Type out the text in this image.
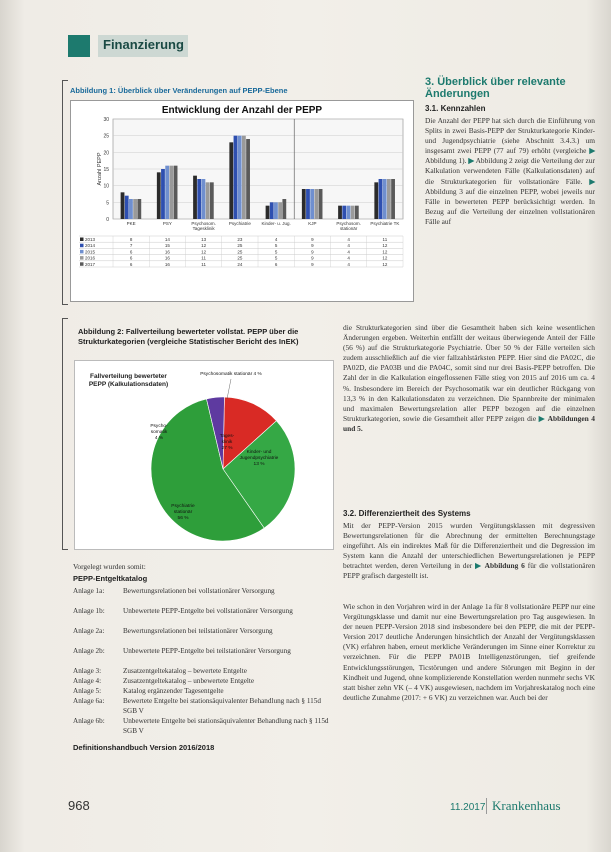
Finanzierung
Abbildung 1: Überblick über Veränderungen auf PEPP-Ebene
Entwicklung der Anzahl der PEPP
0
5
10
15
20
25
30
Anzahl PEPP
PKE	PSY	Psychosom.
Tagesklinik
Psychiatrie Kinder- u. Jug.	KJP	Psychosom.
stationär
Psychiatrie TK
2013	8	14	13	23	4	9	4	11
2014	7	15	12	25	5	9	4	12
2015	6	16	12	25	5	9	4	12
2016	6	16	11	25	5	9	4	12
2017	6	16	11	24	6	9	4	12
Abbildung 2: Fallverteilung bewerteter vollstat. PEPP über die Strukturkategorien (vergleiche Statistischer Bericht des InEK)
Fallverteilung bewerteter PEPP (Kalkulationsdaten)
Psychiatrie
stationär
56 %
Kinder- und
Jugendpsychiatrie
13 %
Psycho-
somatik
4 %	Tages-
klinik
27 %
Psychosomatik stationär 4 %
3. Überblick über relevante Änderungen
3.1. Kennzahlen
Die Anzahl der PEPP hat sich durch die Einführung von Splits in zwei Basis-PEPP der Strukturkategorie Kinder- und Jugendpsychiatrie (siehe Abschnitt 3.4.3.) um insgesamt zwei PEPP (77 auf 79) erhöht (vergleiche ▶ Abbildung 1). ▶ Abbildung 2 zeigt die Verteilung der zur Kalkulation verwendeten Fälle (Kalkulationsdaten) auf die Strukturkategorien für vollstationäre Fälle. ▶ Abbildung 3 auf die einzelnen PEPP, wobei jeweils nur Fälle in bewerteten PEPP berücksichtigt werden. In Bezug auf die Verteilung der einzelnen vollstationären Fälle auf
die Strukturkategorien sind über die Gesamtheit haben sich keine wesentlichen Änderungen ergeben. Weiterhin entfällt der weitaus überwiegende Anteil der Fälle (56 %) auf die Strukturkategorie Psychiatrie. Über 50 % der Fälle verteilen sich zudem ausschließlich auf die vier fallzahlstärksten PEPP. Hier sind die PA02C, die PA02D, die PA03B und die PA04C, somit sind nur drei Basis-PEPP betroffen. Die Zahl der in die Kalkulation eingeflossenen Fälle stieg von 2015 auf 2016 um ca. 4 %. Insbesondere im Bereich der Psychosomatik war ein deutlicher Rückgang von 13,3 % in den Kalkulationsdaten zu verzeichnen. Die Spannbreite der minimalen und maximalen Bewertungsrelation aller PEPP bezogen auf die einzelnen Strukturkategorien, sowie die Gesamtheit aller PEPP zeigen die ▶ Abbildungen 4 und 5.
3.2. Differenziertheit des Systems
Mit der PEPP-Version 2015 wurden Vergütungsklassen mit degressiven Bewertungsrelationen für die Abrechnung der ermittelten Berechnungstage eingeführt. Als ein indirektes Maß für die Differenziertheit und die Degression im System kann die Anzahl der unterschiedlichen Bewertungsrelationen je PEPP betrachtet werden, deren Verteilung in der ▶ Abbildung 6 für die vollstationären PEPP grafisch dargestellt ist.
Wie schon in den Vorjahren wird in der Anlage 1a für 8 vollstationäre PEPP nur eine Vergütungsklasse und damit nur eine Bewertungsrelation pro Tag ausgewiesen. In der neuen PEPP-Version 2018 sind insbesondere bei den PEPP, die mit der PEPP-Version 2017 deutliche Änderungen hinsichtlich der Anzahl der Vergütungsklassen (VK) erfahren haben, erneut merkliche Veränderungen im Sinne einer Korrektur zu verzeichnen. Für die PEPP PA01B Intelligenzstörungen, tief greifende Entwicklungsstörungen, Ticstörungen und andere Störungen mit Beginn in der Kindheit und Jugend, ohne komplizierende Konstellation werden nunmehr sechs VK statt bisher zehn VK (– 4 VK) ausgewiesen, nachdem im Vorjahreskatalog noch eine deutliche Zunahme (2017: + 6 VK) zu verzeichnen war. Auch bei der
Vorgelegt wurden somit:
PEPP-Entgeltkatalog
Anlage 1a:	Bewertungsrelationen bei vollstationärer Versorgung
Anlage 1b:	Unbewertete PEPP-Entgelte bei vollstationärer Versorgung
Anlage 2a:	Bewertungsrelationen bei teilstationärer Versorgung
Anlage 2b:	Unbewertete PEPP-Entgelte bei teilstationärer Versorgung
Anlage 3:	Zusatzentgeltekatalog – bewertete Entgelte
Anlage 4:	Zusatzentgeltekatalog – unbewertete Entgelte
Anlage 5:	Katalog ergänzender Tagesentgelte
Anlage 6a:	Bewertete Entgelte bei stationsäquivalenter Behandlung nach § 115d SGB V
Anlage 6b:	Unbewertete Entgelte bei stationsäquivalenter Behandlung nach § 115d SGB V
Definitionshandbuch Version 2016/2018
968	11.2017 Krankenhaus
